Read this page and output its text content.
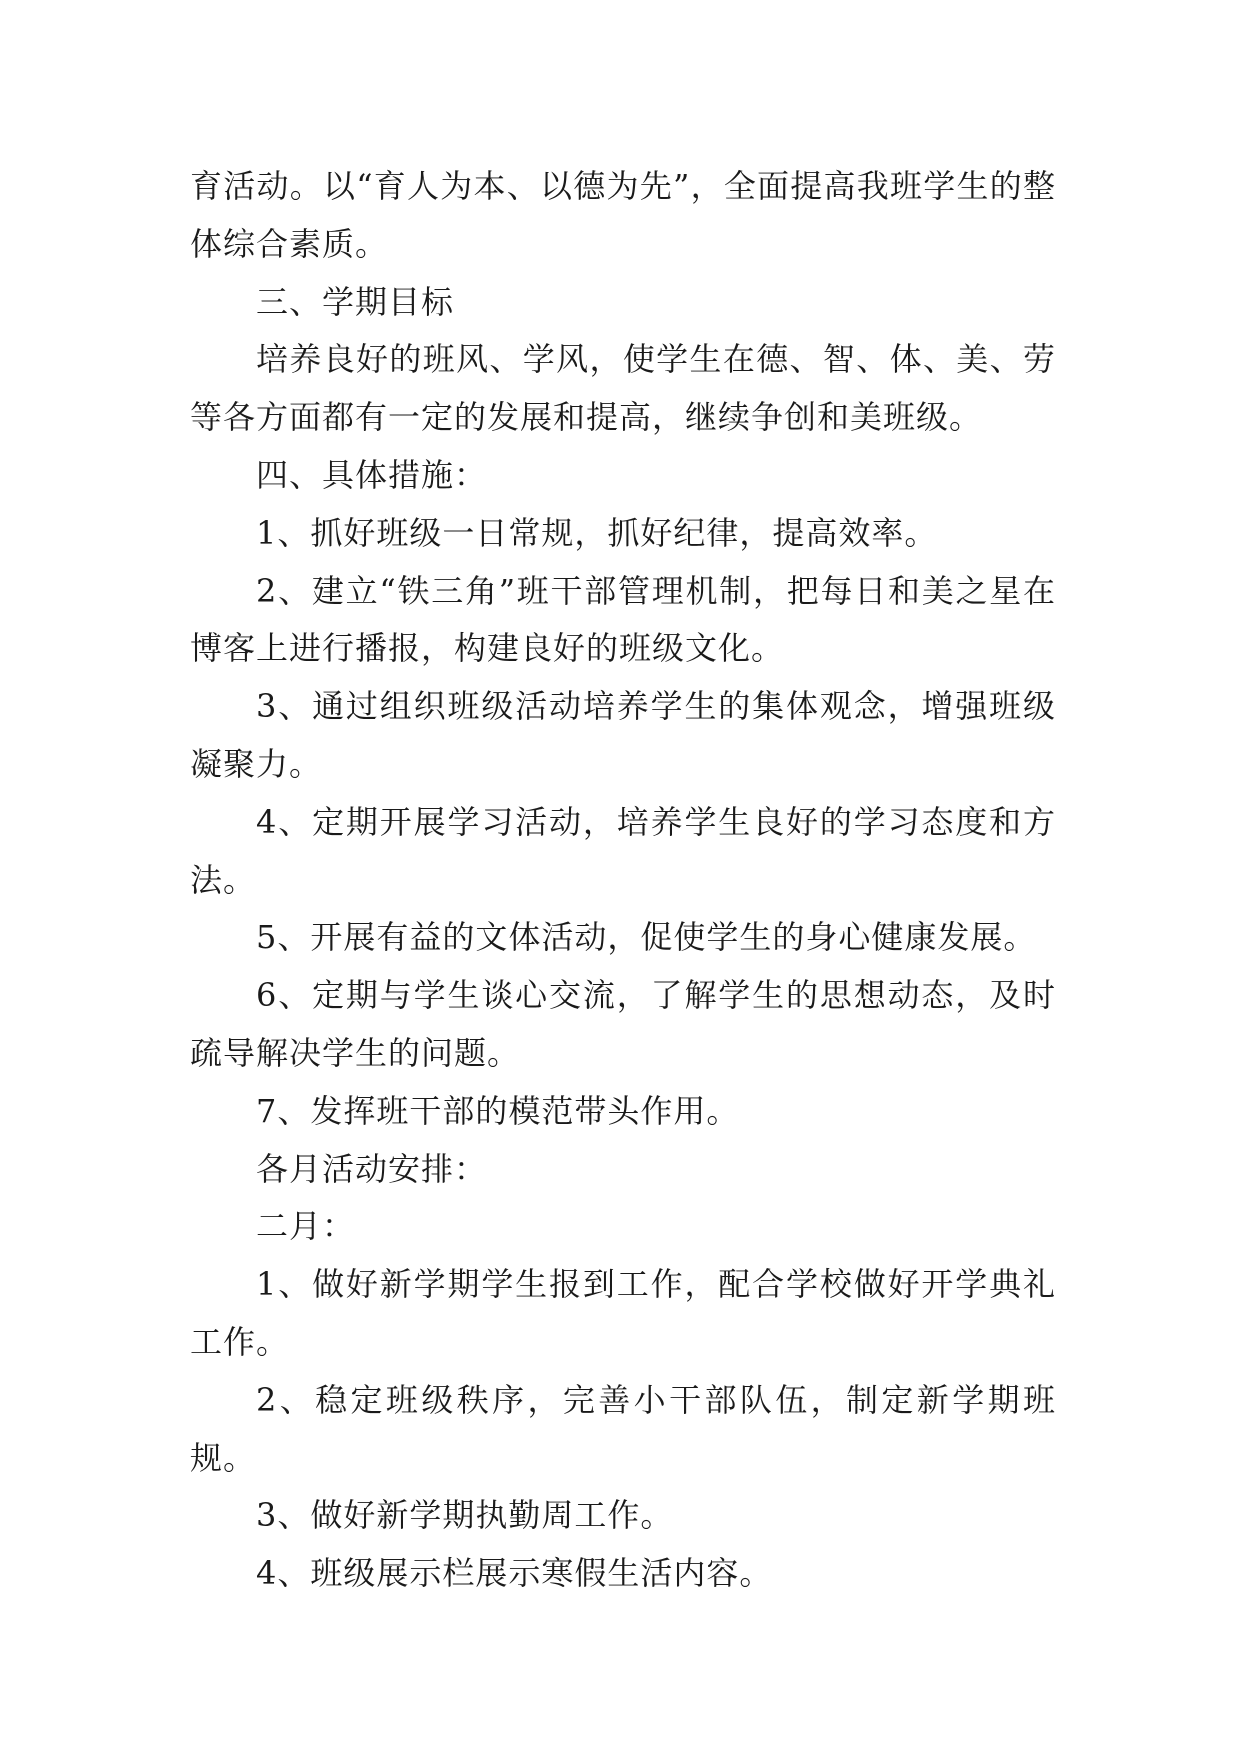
育活动。以“育人为本、以德为先”，全面提高我班学生的整体综合素质。

三、学期目标

培养良好的班风、学风，使学生在德、智、体、美、劳等各方面都有一定的发展和提高，继续争创和美班级。

四、具体措施：

1、抓好班级一日常规，抓好纪律，提高效率。

2、建立“铁三角”班干部管理机制，把每日和美之星在博客上进行播报，构建良好的班级文化。

3、通过组织班级活动培养学生的集体观念，增强班级凝聚力。

4、定期开展学习活动，培养学生良好的学习态度和方法。

5、开展有益的文体活动，促使学生的身心健康发展。

6、定期与学生谈心交流，了解学生的思想动态，及时疏导解决学生的问题。

7、发挥班干部的模范带头作用。

各月活动安排：

二月：

1、做好新学期学生报到工作，配合学校做好开学典礼工作。

2、稳定班级秩序，完善小干部队伍，制定新学期班规。

3、做好新学期执勤周工作。

4、班级展示栏展示寒假生活内容。
